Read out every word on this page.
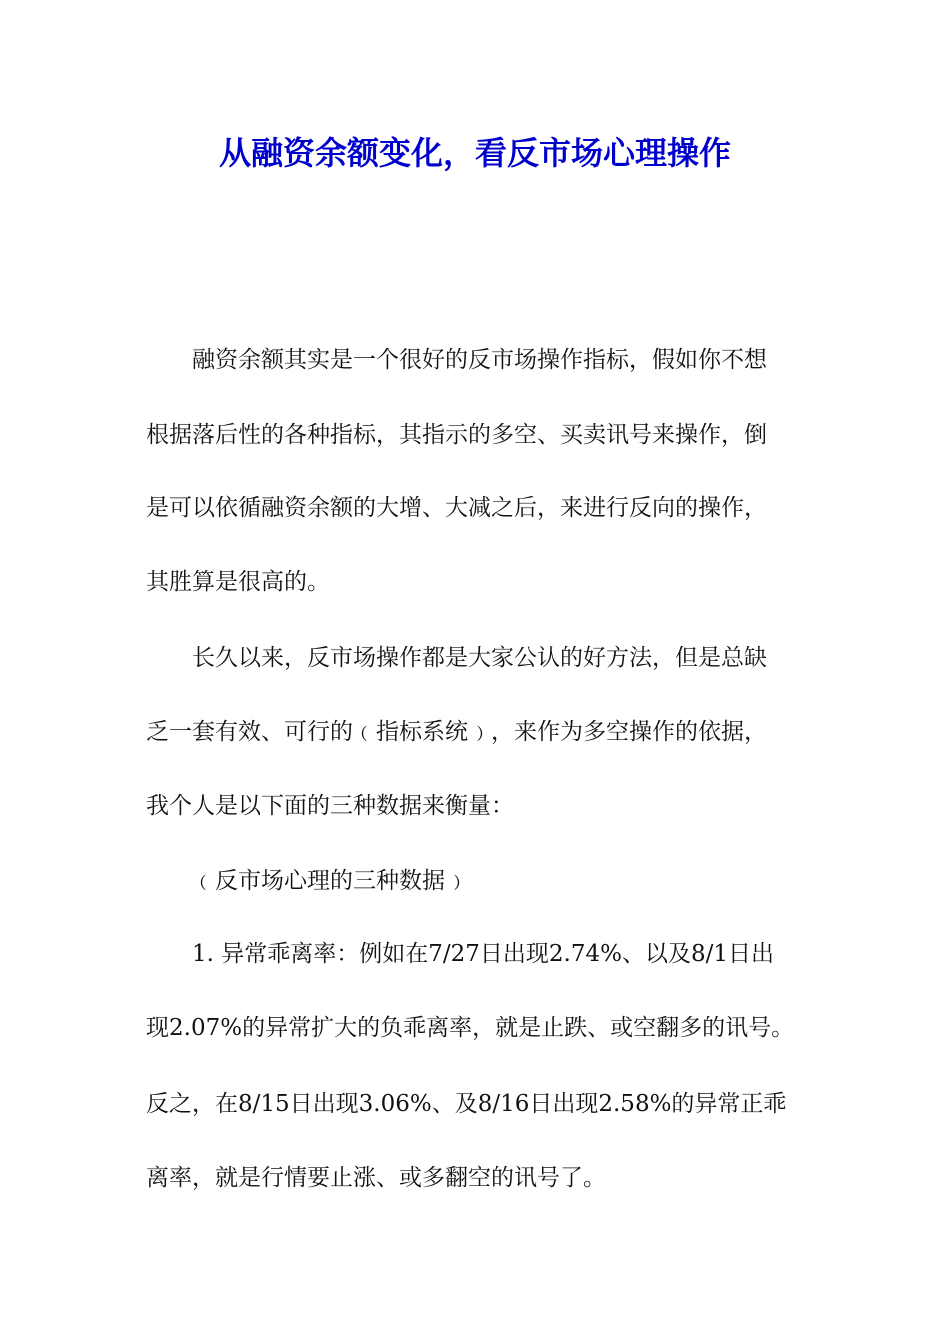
从融资余额变化，看反市场心理操作
融资余额其实是一个很好的反市场操作指标，假如你不想
根据落后性的各种指标，其指示的多空、买卖讯号来操作，倒
是可以依循融资余额的大增、大减之后，来进行反向的操作，
其胜算是很高的。
长久以来，反市场操作都是大家公认的好方法，但是总缺
乏一套有效、可行的﹙指标系统﹚，来作为多空操作的依据，
我个人是以下面的三种数据来衡量：
﹙反市场心理的三种数据﹚
1. 异常乖离率：例如在7/27日出现2.74%、以及8/1日出
现2.07%的异常扩大的负乖离率，就是止跌、或空翻多的讯号。
反之，在8/15日出现3.06%、及8/16日出现2.58%的异常正乖
离率，就是行情要止涨、或多翻空的讯号了。
